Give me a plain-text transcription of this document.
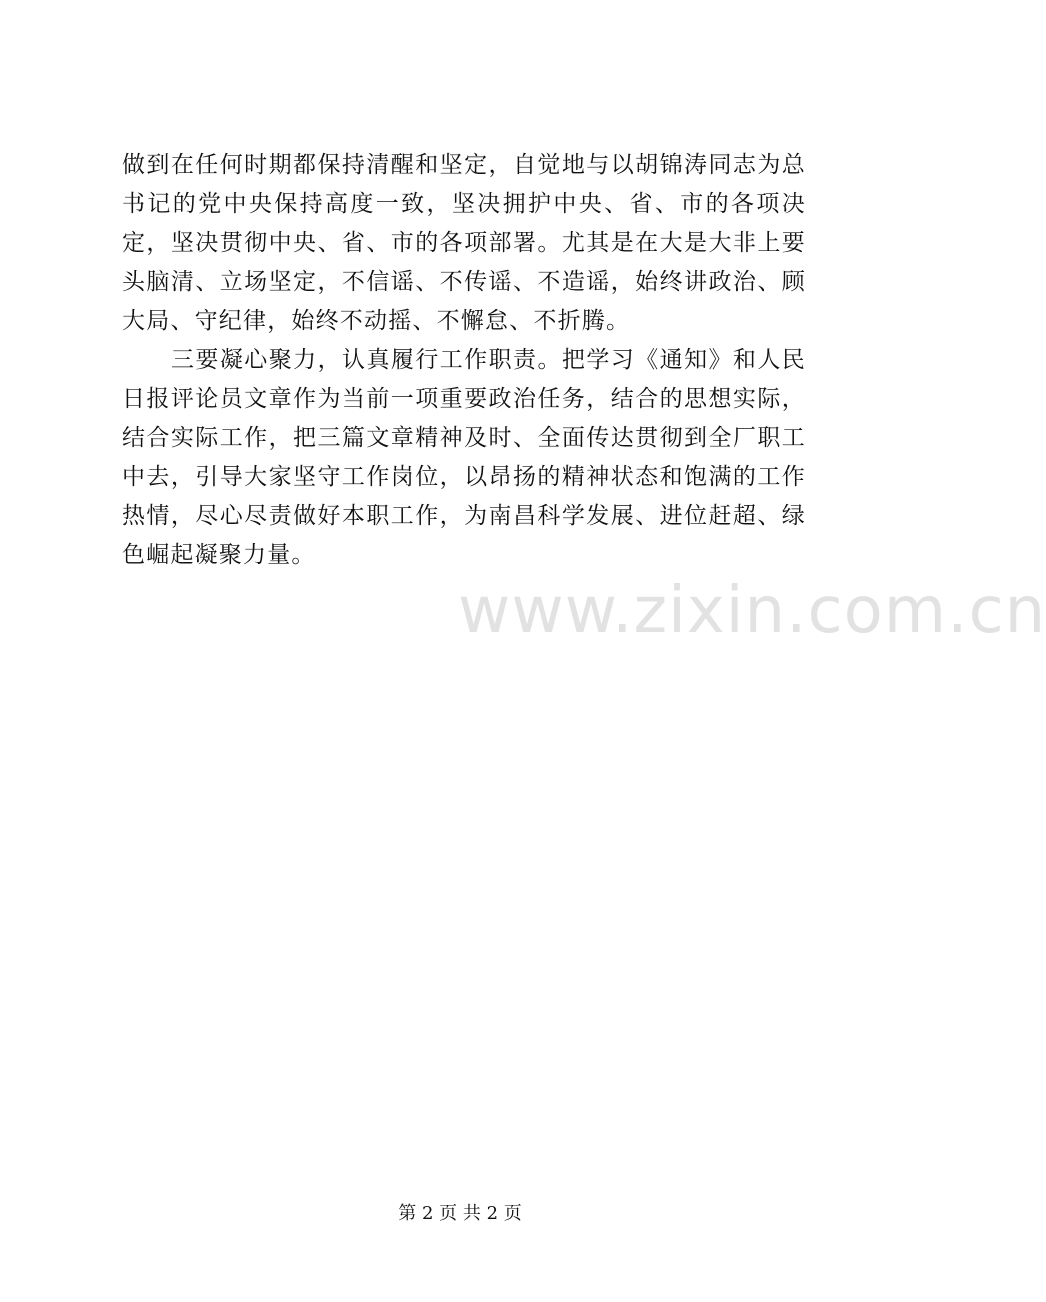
做到在任何时期都保持清醒和坚定，自觉地与以胡锦涛同志为总书记的党中央保持高度一致，坚决拥护中央、省、市的各项决定，坚决贯彻中央、省、市的各项部署。尤其是在大是大非上要头脑清、立场坚定，不信谣、不传谣、不造谣，始终讲政治、顾大局、守纪律，始终不动摇、不懈怠、不折腾。

三要凝心聚力，认真履行工作职责。把学习《通知》和人民日报评论员文章作为当前一项重要政治任务，结合的思想实际，结合实际工作，把三篇文章精神及时、全面传达贯彻到全厂职工中去，引导大家坚守工作岗位，以昂扬的精神状态和饱满的工作热情，尽心尽责做好本职工作，为南昌科学发展、进位赶超、绿色崛起凝聚力量。

www.zixin.com.cn
第 2 页 共 2 页
